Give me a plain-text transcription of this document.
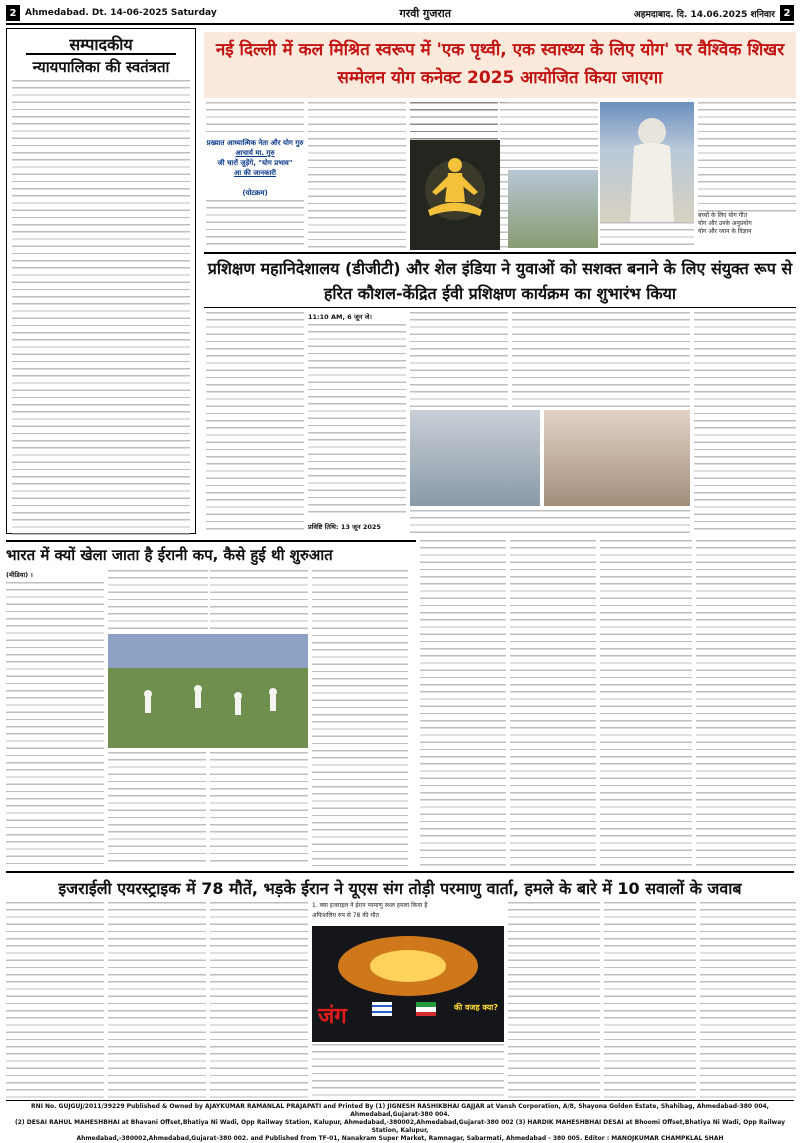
2 Ahmedabad. Dt. 14-06-2025 Saturday	गरवी गुजरात	अहमदाबाद. दि. 14.06.2025 शनिवार 2
सम्पादकीय
न्यायपालिका की स्वतंत्रता
नई दिल्ली में कल मिश्रित स्वरूप में 'एक पृथ्वी, एक स्वास्थ्य के लिए योग' पर वैश्विक शिखर सम्मेलन योग कनेक्ट 2025 आयोजित किया जाएगा
प्रख्यात आध्यात्मिक नेता और योग गुरु
आचार्य मा. गुरु
जी चारों जुड़ेंगे, "योग प्रभाव"
आ की जानकारी
(योटक्रम)
बच्चों के लिए योग गीत
योग और उनके अनुप्रयोग
योग और ध्यान के विज्ञान
प्रशिक्षण महानिदेशालय (डीजीटी) और शेल इंडिया ने युवाओं को सशक्त बनाने के लिए संयुक्त रूप से हरित कौशल-केंद्रित ईवी प्रशिक्षण कार्यक्रम का शुभारंभ किया
11:10 AM, 6 जून जे।
प्रविष्टि तिथि: 13 जून 2025
भारत में क्यों खेला जाता है ईरानी कप, कैसे हुई थी शुरुआत
(मीडिया) ।
इजराईली एयरस्ट्राइक में 78 मौतें, भड़के ईरान ने यूएस संग तोड़ी परमाणु वार्ता, हमले के बारे में 10 सवालों के जवाब
1. क्या इजराइल ने ईरान परमाणु स्थल हमला किया है
अफिशलिय रुप से 78 की मौत
जंग	की वजह क्या?
RNI No. GUJGUJ/2011/39229 Published & Owned by AJAYKUMAR RAMANLAL PRAJAPATI and Printed By (1) JIGNESH RASHIKBHAI GAJJAR at Vansh Corporation, A/8, Shayona Golden Estate, Shahibag, Ahmedabad-380 004, Ahmedabad,Gujarat-380 004.
(2) DESAI RAHUL MAHESHBHAI at Bhavani Offset,Bhatiya Ni Wadi, Opp Railway Station, Kalupur, Ahmedabad,-380002,Ahmedabad,Gujarat-380 002 (3) HARDIK MAHESHBHAI DESAI at Bhoomi Offset,Bhatiya Ni Wadi, Opp Railway Station, Kalupur,
Ahmedabad,-380002,Ahmedabad,Gujarat-380 002. and Published from TF-01, Nanakram Super Market, Ramnagar, Sabarmati, Ahmedabad - 380 005. Editor : MANOJKUMAR CHAMPKLAL SHAH
